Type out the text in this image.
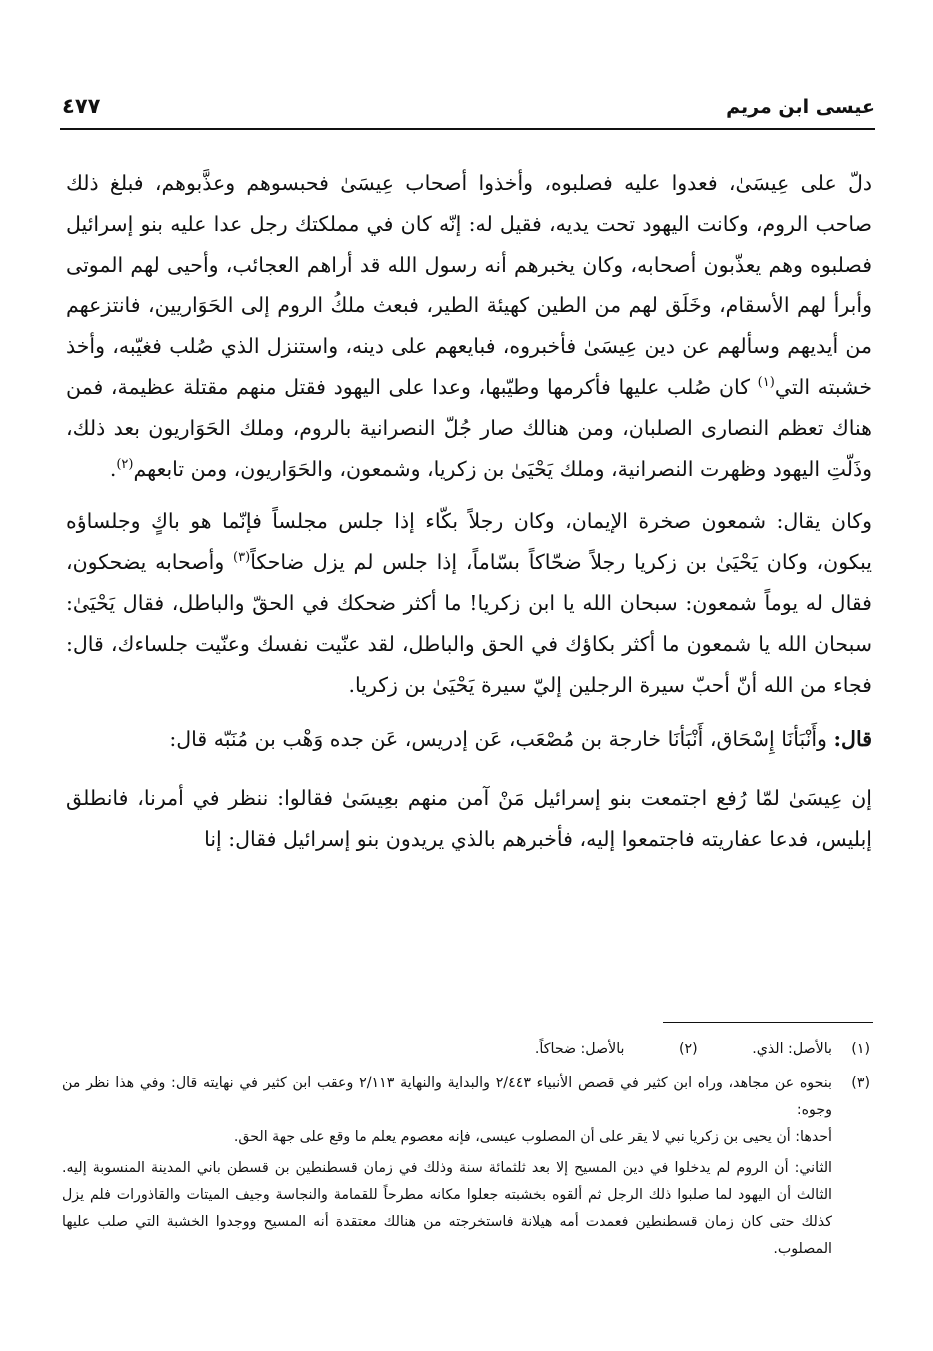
عيسى ابن مريم
٤٧٧

دلّ على عِيسَىٰ، فعدوا عليه فصلبوه، وأخذوا أصحاب عِيسَىٰ فحبسوهم وعذَّبوهم، فبلغ ذلك صاحب الروم، وكانت اليهود تحت يديه، فقيل له: إنّه كان في مملكتك رجل عدا عليه بنو إسرائيل فصلبوه وهم يعذّبون أصحابه، وكان يخبرهم أنه رسول الله قد أراهم العجائب، وأحيى لهم الموتى وأبرأ لهم الأسقام، وخَلَق لهم من الطين كهيئة الطير، فبعث ملكُ الروم إلى الحَوَاريين، فانتزعهم من أيديهم وسألهم عن دين عِيسَىٰ فأخبروه، فبايعهم على دينه، واستنزل الذي صُلب فغيّبه، وأخذ خشبته التي$^{(١)}$ كان صُلب عليها فأكرمها وطيّبها، وعدا على اليهود فقتل منهم مقتلة عظيمة، فمن هناك تعظم النصارى الصلبان، ومن هنالك صار جُلّ النصرانية بالروم، وملك الحَوَاريون بعد ذلك، وذَلّتِ اليهود وظهرت النصرانية، وملك يَحْيَىٰ بن زكريا، وشمعون، والحَوَاريون، ومن تابعهم$^{(٢)}$.

وكان يقال: شمعون صخرة الإيمان، وكان رجلاً بكّاء إذا جلس مجلساً فإنّما هو باكٍ وجلساؤه يبكون، وكان يَحْيَىٰ بن زكريا رجلاً ضحّاكاً بسّاماً، إذا جلس لم يزل ضاحكاً$^{(٣)}$ وأصحابه يضحكون، فقال له يوماً شمعون: سبحان الله يا ابن زكريا! ما أكثر ضحكك في الحقّ والباطل، فقال يَحْيَىٰ: سبحان الله يا شمعون ما أكثر بكاؤك في الحق والباطل، لقد عنّيت نفسك وعنّيت جلساءك، قال: فجاء من الله أنّ أحبّ سيرة الرجلين إليّ سيرة يَحْيَىٰ بن زكريا.

قال: وأَنْبَأنَا إِسْحَاق، أَنْبَأنَا خارجة بن مُصْعَب، عَن إدريس، عَن جده وَهْب بن مُنَبّه قال:

إن عِيسَىٰ لمّا رُفع اجتمعت بنو إسرائيل مَنْ آمن منهم بعِيسَىٰ فقالوا: ننظر في أمرنا، فانطلق إبليس، فدعا عفاريته فاجتمعوا إليه، فأخبرهم بالذي يريدون بنو إسرائيل فقال: إنا

(١)
بالأصل: الذي. (٢) بالأصل: ضحاكاً.
(٣)
بنحوه عن مجاهد، وراه ابن كثير في قصص الأنبياء ٢/٤٤٣ والبداية والنهاية ٢/١١٣ وعقب ابن كثير في نهايته قال: وفي هذا نظر من وجوه:
أحدها: أن يحيى بن زكريا نبي لا يقر على أن المصلوب عيسى، فإنه معصوم يعلم ما وقع على جهة الحق.
الثاني: أن الروم لم يدخلوا في دين المسيح إلا بعد ثلثمائة سنة وذلك في زمان قسطنطين بن قسطن باني المدينة المنسوبة إليه. الثالث أن اليهود لما صلبوا ذلك الرجل ثم ألقوه بخشبته جعلوا مكانه مطرحاً للقمامة والنجاسة وجيف الميتات والقاذورات فلم يزل كذلك حتى كان زمان قسطنطين فعمدت أمه هيلانة فاستخرجته من هنالك معتقدة أنه المسيح ووجدوا الخشبة التي صلب عليها المصلوب.
